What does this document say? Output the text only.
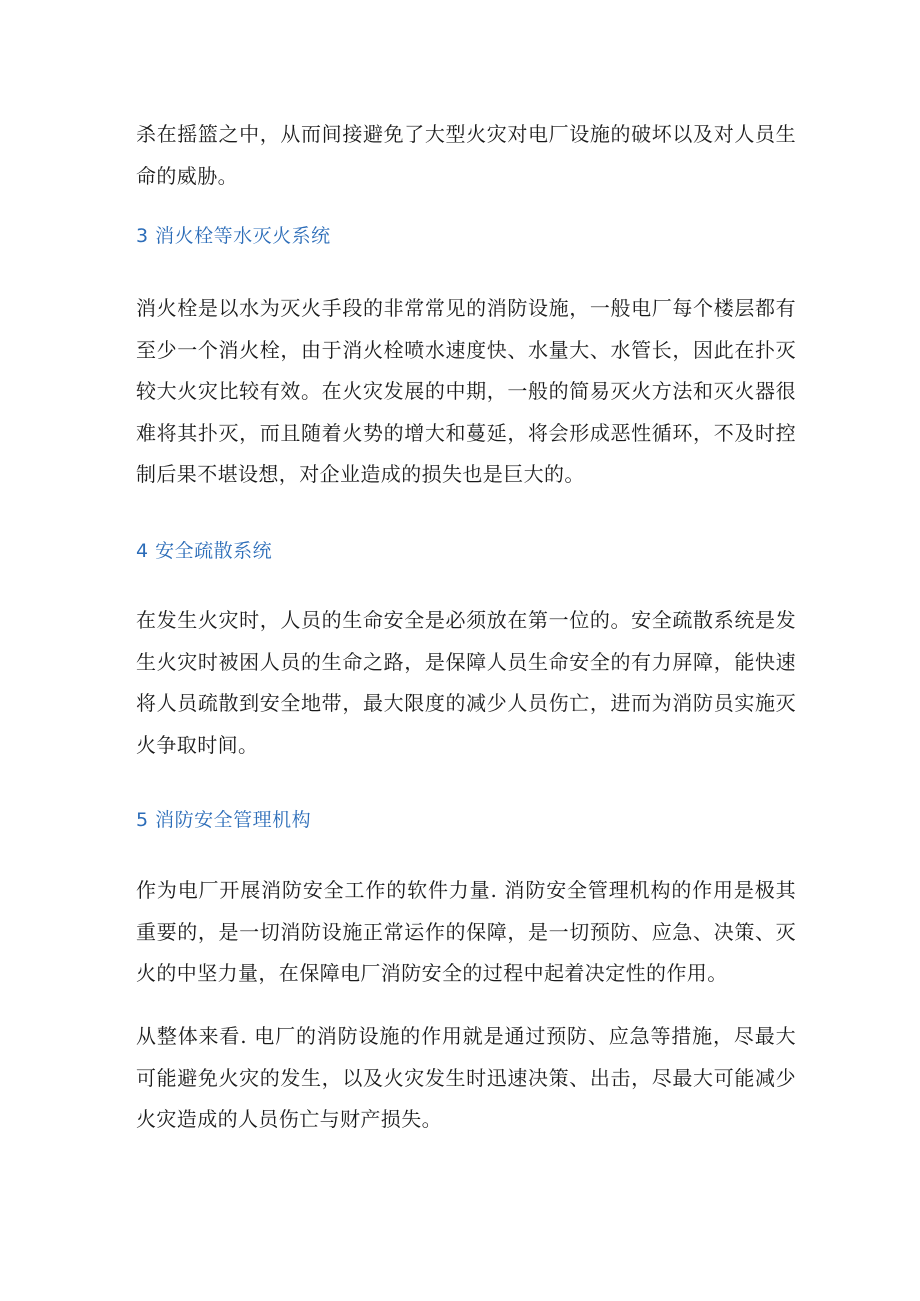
杀在摇篮之中，从而间接避免了大型火灾对电厂设施的破坏以及对人员生命的威胁。

3 消火栓等水灭火系统

消火栓是以水为灭火手段的非常常见的消防设施，一般电厂每个楼层都有至少一个消火栓，由于消火栓喷水速度快、水量大、水管长，因此在扑灭较大火灾比较有效。在火灾发展的中期，一般的简易灭火方法和灭火器很难将其扑灭，而且随着火势的增大和蔓延，将会形成恶性循环，不及时控制后果不堪设想，对企业造成的损失也是巨大的。

4 安全疏散系统

在发生火灾时，人员的生命安全是必须放在第一位的。安全疏散系统是发生火灾时被困人员的生命之路，是保障人员生命安全的有力屏障，能快速将人员疏散到安全地带，最大限度的减少人员伤亡，进而为消防员实施灭火争取时间。

5 消防安全管理机构

作为电厂开展消防安全工作的软件力量. 消防安全管理机构的作用是极其重要的，是一切消防设施正常运作的保障，是一切预防、应急、决策、灭火的中坚力量，在保障电厂消防安全的过程中起着决定性的作用。

从整体来看. 电厂的消防设施的作用就是通过预防、应急等措施，尽最大可能避免火灾的发生，以及火灾发生时迅速决策、出击，尽最大可能减少火灾造成的人员伤亡与财产损失。
